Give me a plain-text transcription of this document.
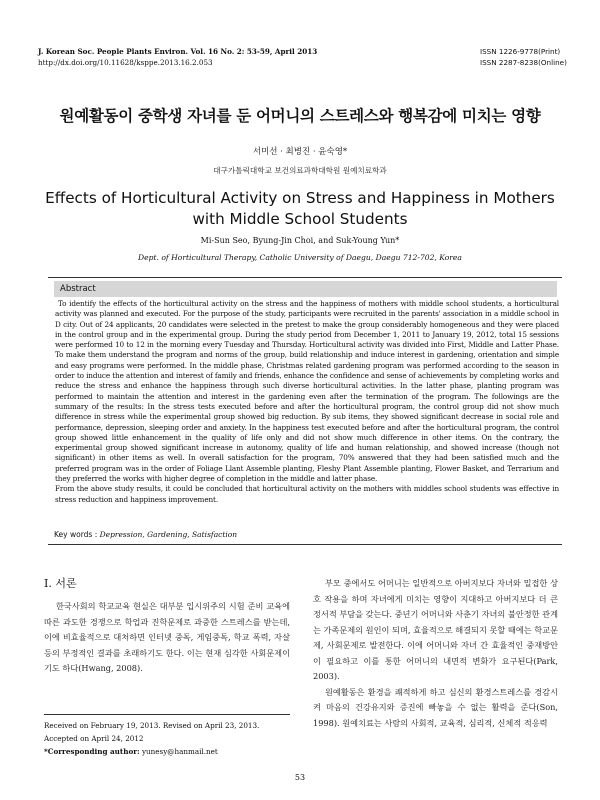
J. Korean Soc. People Plants Environ. Vol. 16 No. 2: 53-59, April 2013
http://dx.doi.org/10.11628/ksppe.2013.16.2.053
ISSN 1226-9778(Print)
ISSN 2287-8238(Online)
원예활동이 중학생 자녀를 둔 어머니의 스트레스와 행복감에 미치는 영향
서미선 · 최병진 · 윤숙영*
대구가톨릭대학교 보건의료과학대학원 원예치료학과
Effects of Horticultural Activity on Stress and Happiness in Mothers with Middle School Students
Mi-Sun Seo, Byung-Jin Choi, and Suk-Young Yun*
Dept. of Horticultural Therapy, Catholic University of Daegu, Daegu 712-702, Korea
Abstract

To identify the effects of the horticultural activity on the stress and the happiness of mothers with middle school students, a horticultural activity was planned and executed. For the purpose of the study, participants were recruited in the parents' association in a middle school in D city. Out of 24 applicants, 20 candidates were selected in the pretest to make the group considerably homogeneous and they were placed in the control group and in the experimental group. During the study period from December 1, 2011 to January 19, 2012, total 15 sessions were performed 10 to 12 in the morning every Tuesday and Thursday. Horticultural activity was divided into First, Middle and Latter Phase. To make them understand the program and norms of the group, build relationship and induce interest in gardening, orientation and simple and easy programs were performed. In the middle phase, Christmas related gardening program was performed according to the season in order to induce the attention and interest of family and friends, enhance the confidence and sense of achievements by completing works and reduce the stress and enhance the happiness through such diverse horticultural activities. In the latter phase, planting program was performed to maintain the attention and interest in the gardening even after the termination of the program. The followings are the summary of the results: In the stress tests executed before and after the horticultural program, the control group did not show much difference in stress while the experimental group showed big reduction. By sub items, they showed significant decrease in social role and performance, depression, sleeping order and anxiety. In the happiness test executed before and after the horticultural program, the control group showed little enhancement in the quality of life only and did not show much difference in other items. On the contrary, the experimental group showed significant increase in autonomy, quality of life and human relationship, and showed increase (though not significant) in other items as well. In overall satisfaction for the program, 70% answered that they had been satisfied much and the preferred program was in the order of Foliage Llant Assemble planting, Fleshy Plant Assemble planting, Flower Basket, and Terrarium and they preferred the works with higher degree of completion in the middle and latter phase.

From the above study results, it could be concluded that horticultural activity on the mothers with middles school students was effective in stress reduction and happiness improvement.

Key words : Depression, Gardening, Satisfaction
Ⅰ. 서론

한국사회의 학교교육 현실은 대부분 입시위주의 시험 준비 교육에 따른 과도한 경쟁으로 학업과 진학문제로 과중한 스트레스를 받는데, 이에 비효율적으로 대처하면 인터넷 중독, 게임중독, 학교 폭력, 자살 등의 부정적인 결과를 초래하기도 한다. 이는 현재 심각한 사회문제이기도 하다(Hwang, 2008).

부모 중에서도 어머니는 일반적으로 아버지보다 자녀와 밀접한 상호 작용을 하며 자녀에게 미치는 영향이 지대하고 아버지보다 더 큰 정서적 부담을 갖는다. 중년기 어머니와 사춘기 자녀의 불안정한 관계는 가족문제의 원인이 되며, 효율적으로 해결되지 못할 때에는 학교문제, 사회문제로 발전한다. 이에 어머니와 자녀 간 효율적인 중재방안이 필요하고 이를 통한 어머니의 내면적 변화가 요구된다(Park, 2003).

원예활동은 환경을 쾌적하게 하고 심신의 환경스트레스를 경감시켜 마음의 건강유지와 증진에 빠놓을 수 없는 활력을 준다(Son, 1998). 원예치료는 사람의 사회적, 교육적, 심리적, 신체적 적응력

Received on February 19, 2013. Revised on April 23, 2013.
Accepted on April 24, 2012
*Corresponding author: yunesy@hanmail.net
53
